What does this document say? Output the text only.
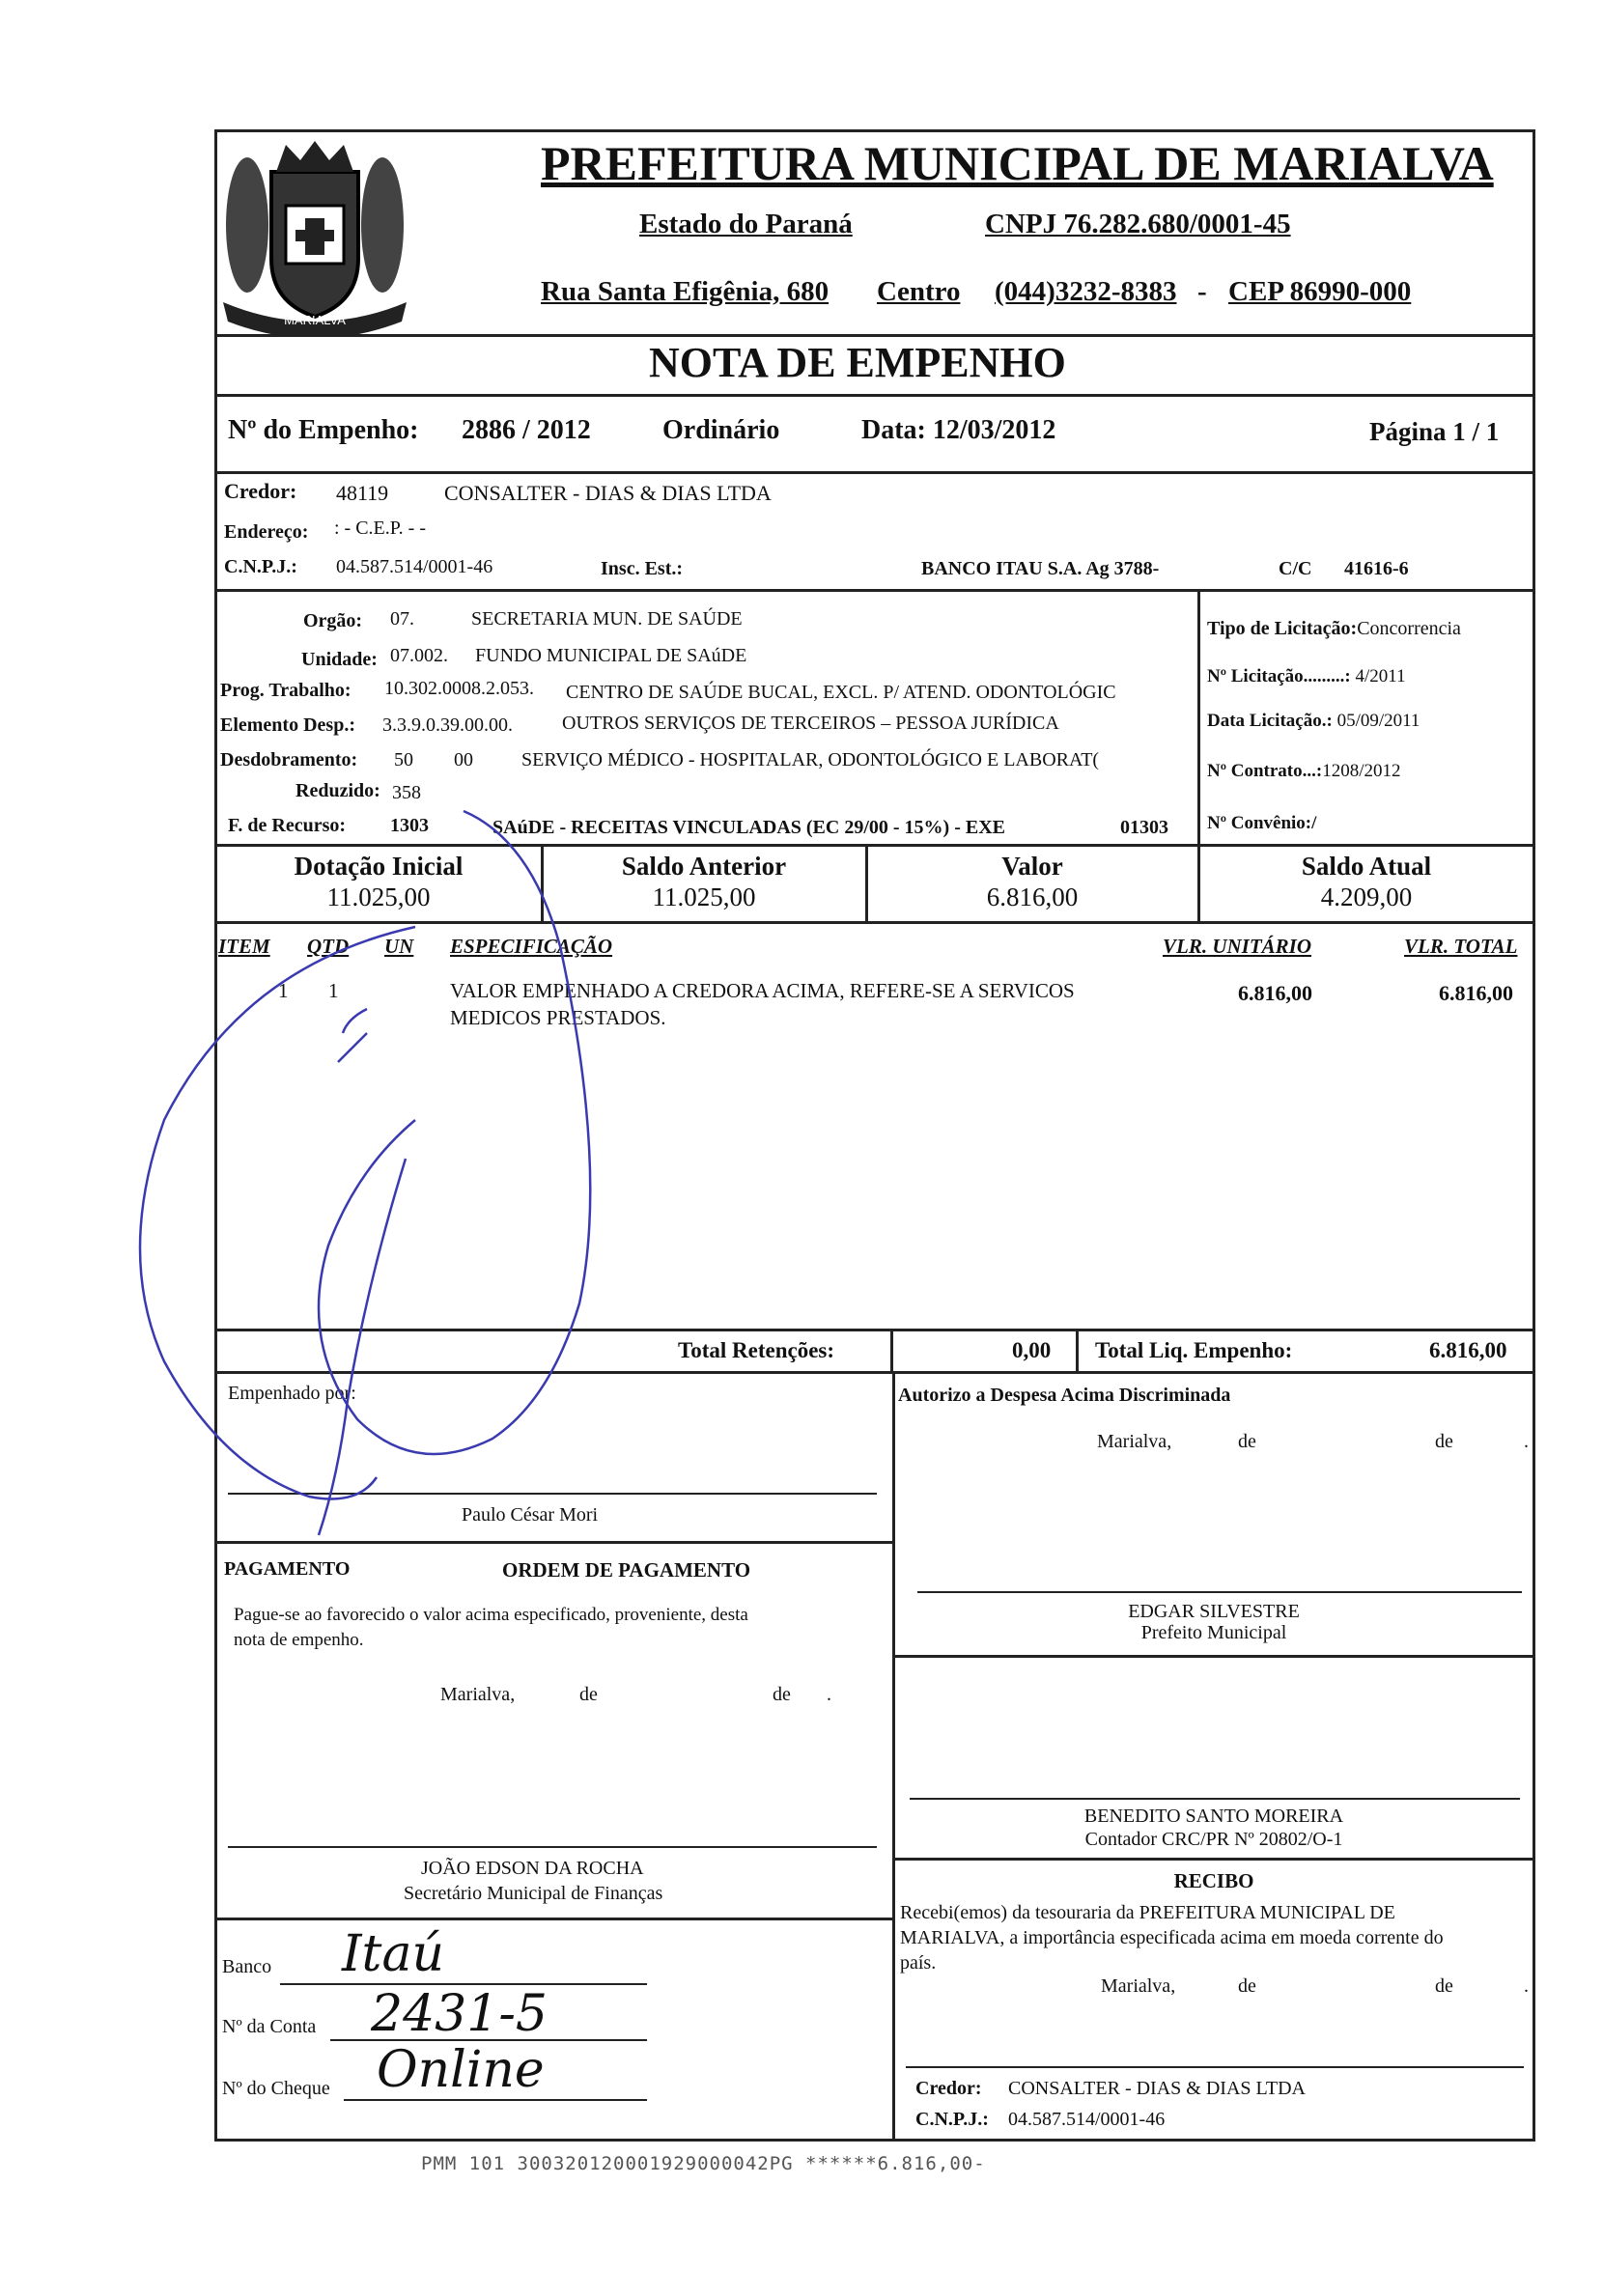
MARIALVA
PREFEITURA MUNICIPAL DE MARIALVA
Estado do Paraná	CNPJ 76.282.680/0001-45
Rua Santa Efigênia, 680 Centro (044)3232-8383 - CEP 86990-000
NOTA DE EMPENHO
Nº do Empenho: 2886 / 2012	Ordinário	Data: 12/03/2012	Página 1 / 1
Credor: 48119	CONSALTER - DIAS & DIAS LTDA
Endereço: : - C.E.P. - -
C.N.P.J.: 04.587.514/0001-46	Insc. Est.:	BANCO ITAU S.A. Ag 3788-	C/C 41616-6
Orgão: 07.	SECRETARIA MUN. DE SAÚDE
Unidade: 07.002. FUNDO MUNICIPAL DE SAúDE
Prog. Trabalho: 10.302.0008.2.053. CENTRO DE SAÚDE BUCAL, EXCL. P/ ATEND. ODONTOLÓGIC
Elemento Desp.: 3.3.9.0.39.00.00.	OUTROS SERVIÇOS DE TERCEIROS – PESSOA JURÍDICA
Desdobramento: 50 00	SERVIÇO MÉDICO - HOSPITALAR, ODONTOLÓGICO E LABORAT(
Reduzido: 358
F. de Recurso: 1303	SAúDE - RECEITAS VINCULADAS (EC 29/00 - 15%) - EXE	01303
Tipo de Licitação:Concorrencia
Nº Licitação.........: 4/2011
Data Licitação.: 05/09/2011
Nº Contrato...:1208/2012
Nº Convênio:/
Dotação Inicial
11.025,00
Saldo Anterior
11.025,00
Valor
6.816,00
Saldo Atual
4.209,00
ITEM QTD UN ESPECIFICAÇÃO	VLR. UNITÁRIO	VLR. TOTAL
1 1	VALOR EMPENHADO A CREDORA ACIMA, REFERE-SE A SERVICOS
MEDICOS PRESTADOS.
6.816,00	6.816,00
Total Retenções:	0,00 Total Liq. Empenho:	6.816,00
Empenhado por:
Paulo César Mori
PAGAMENTO	ORDEM DE PAGAMENTO
Pague-se ao favorecido o valor acima especificado, proveniente, desta
nota de empenho.
Marialva,	de	de .
JOÃO EDSON DA ROCHA
Secretário Municipal de Finanças
Banco Itaú
Nº da Conta 2431-5
Nº do Cheque Online
Autorizo a Despesa Acima Discriminada
Marialva,	de	de	.
EDGAR SILVESTRE
Prefeito Municipal
BENEDITO SANTO MOREIRA
Contador CRC/PR Nº 20802/O-1
RECIBO
Recebi(emos) da tesouraria da PREFEITURA MUNICIPAL DE
MARIALVA, a importância especificada acima em moeda corrente do
país.
Marialva,	de	de	.
Credor: CONSALTER - DIAS & DIAS LTDA
C.N.P.J.: 04.587.514/0001-46
PMM 101 300320120001929000042PG ******6.816,00-
